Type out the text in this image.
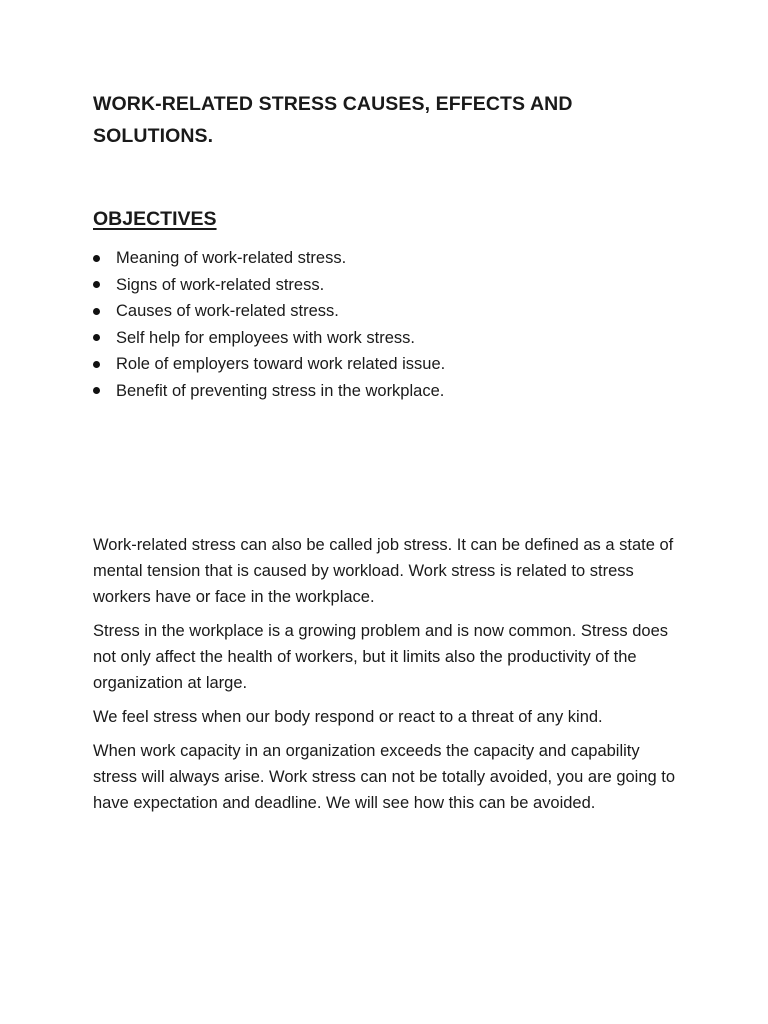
WORK-RELATED STRESS CAUSES, EFFECTS AND SOLUTIONS.
OBJECTIVES
Meaning of work-related stress.
Signs of work-related stress.
Causes of work-related stress.
Self help for employees with work stress.
Role of employers toward work related issue.
Benefit of preventing stress in the workplace.

Work-related stress can also be called job stress. It can be defined as a state of mental tension that is caused by workload. Work stress is related to stress workers have or face in the workplace.

Stress in the workplace is a growing problem and is now common. Stress does not only affect the health of workers, but it limits also the productivity of the organization at large.

We feel stress when our body respond or react to a threat of any kind.

When work capacity in an organization exceeds the capacity and capability stress will always arise. Work stress can not be totally avoided, you are going to have expectation and deadline. We will see how this can be avoided.
